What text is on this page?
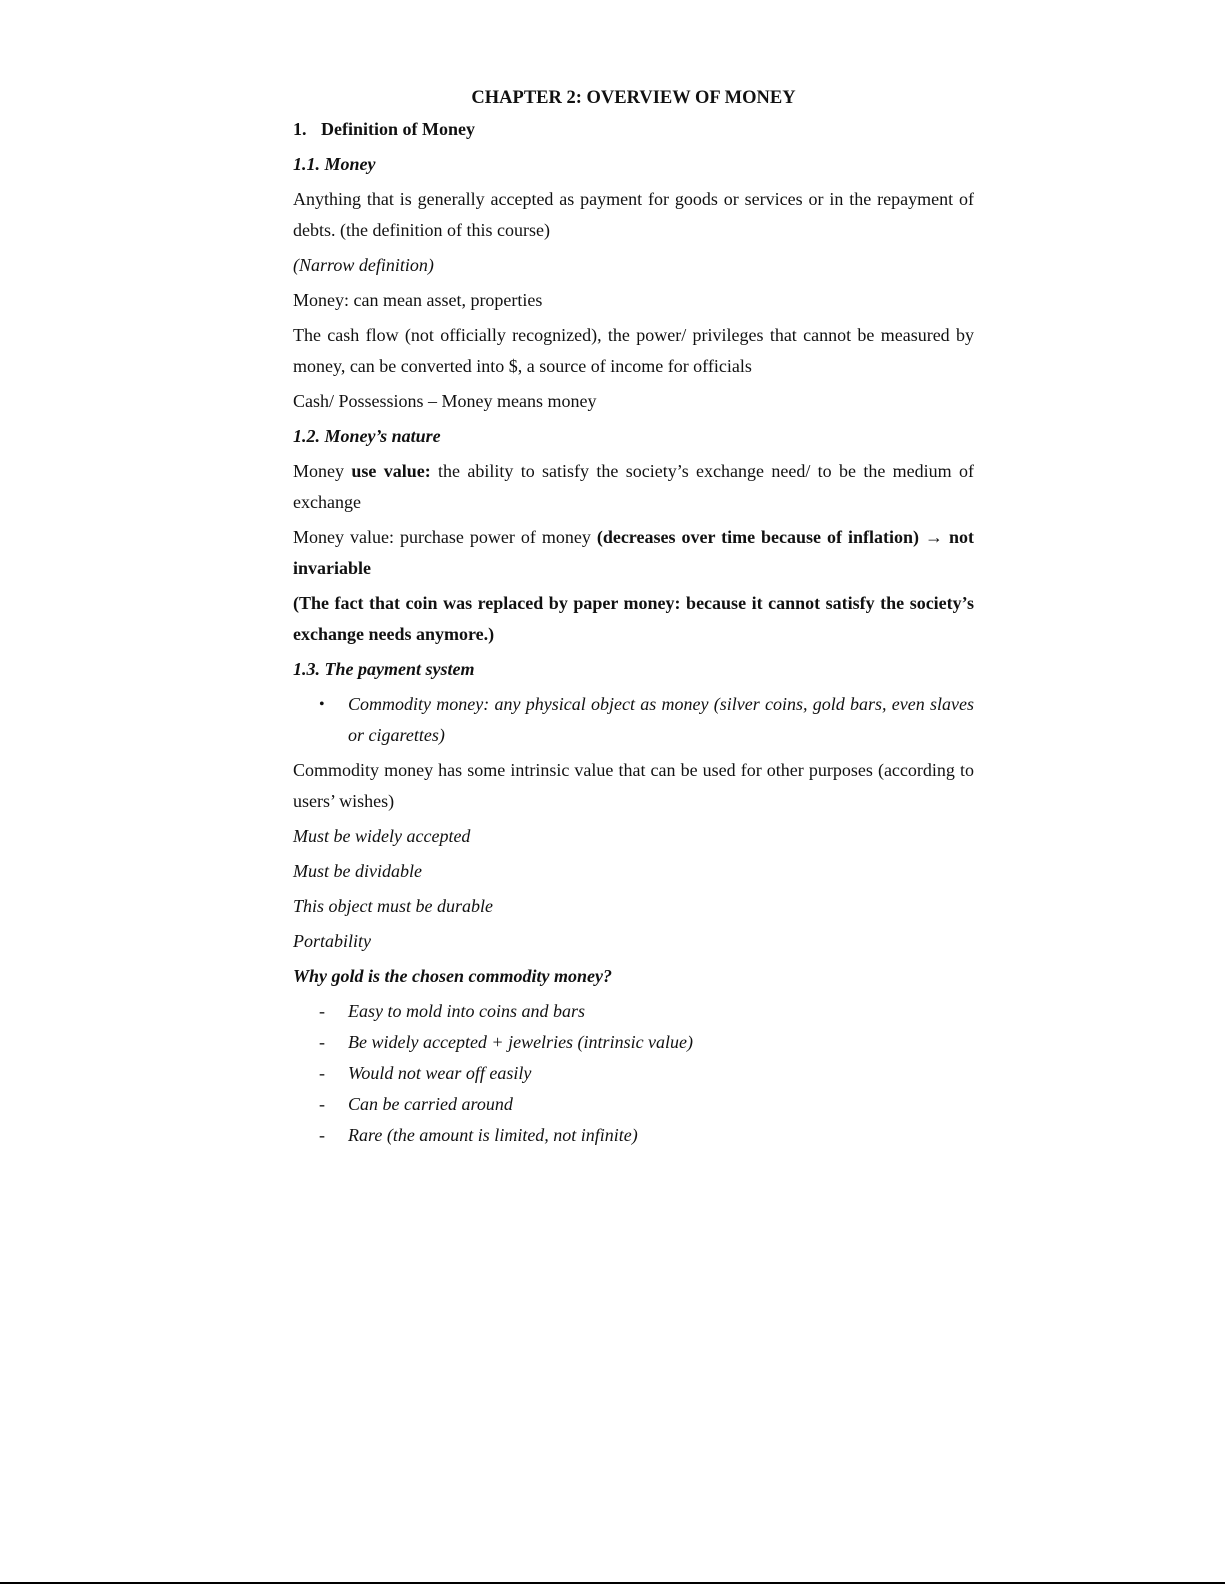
CHAPTER 2: OVERVIEW OF MONEY
1. Definition of Money
1.1. Money

Anything that is generally accepted as payment for goods or services or in the repayment of debts. (the definition of this course)

(Narrow definition)

Money: can mean asset, properties

The cash flow (not officially recognized), the power/ privileges that cannot be measured by money, can be converted into $, a source of income for officials

Cash/ Possessions – Money means money

1.2. Money’s nature

Money use value: the ability to satisfy the society’s exchange need/ to be the medium of exchange

Money value: purchase power of money (decreases over time because of inflation) → not invariable

(The fact that coin was replaced by paper money: because it cannot satisfy the society’s exchange needs anymore.)

1.3. The payment system
•	Commodity money: any physical object as money (silver coins, gold bars, even slaves or cigarettes)

Commodity money has some intrinsic value that can be used for other purposes (according to users’ wishes)

Must be widely accepted

Must be dividable

This object must be durable

Portability

Why gold is the chosen commodity money?
-	Easy to mold into coins and bars
-	Be widely accepted + jewelries (intrinsic value)
-	Would not wear off easily
-	Can be carried around
-	Rare (the amount is limited, not infinite)
